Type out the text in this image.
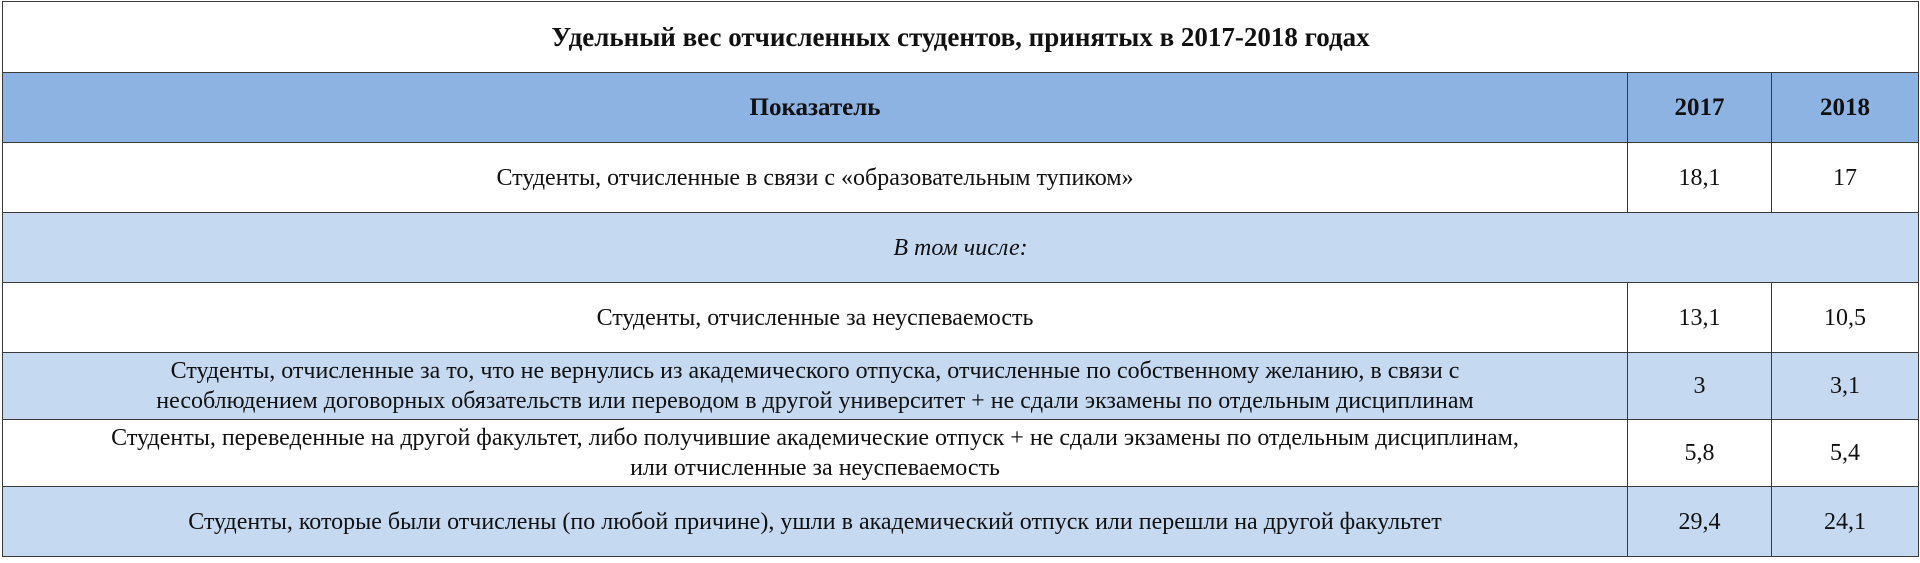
Удельный вес отчисленных студентов, принятых в 2017-2018 годах		
Показатель	2017	2018
Студенты, отчисленные в связи с «образовательным тупиком»	18,1	17
В том числе:		
Студенты, отчисленные за неуспеваемость	13,1	10,5

Студенты, отчисленные за то, что не вернулись из академического отпуска, отчисленные по собственному желанию, в связи с
несоблюдением договорных обязательств или переводом в другой университет + не сдали экзамены по отдельным дисциплинам	3	3,1

Студенты, переведенные на другой факультет, либо получившие академические отпуск + не сдали экзамены по отдельным дисциплинам,
или отчисленные за неуспеваемость	5,8	5,4
Студенты, которые были отчислены (по любой причине), ушли в академический отпуск или перешли на другой факультет	29,4	24,1
